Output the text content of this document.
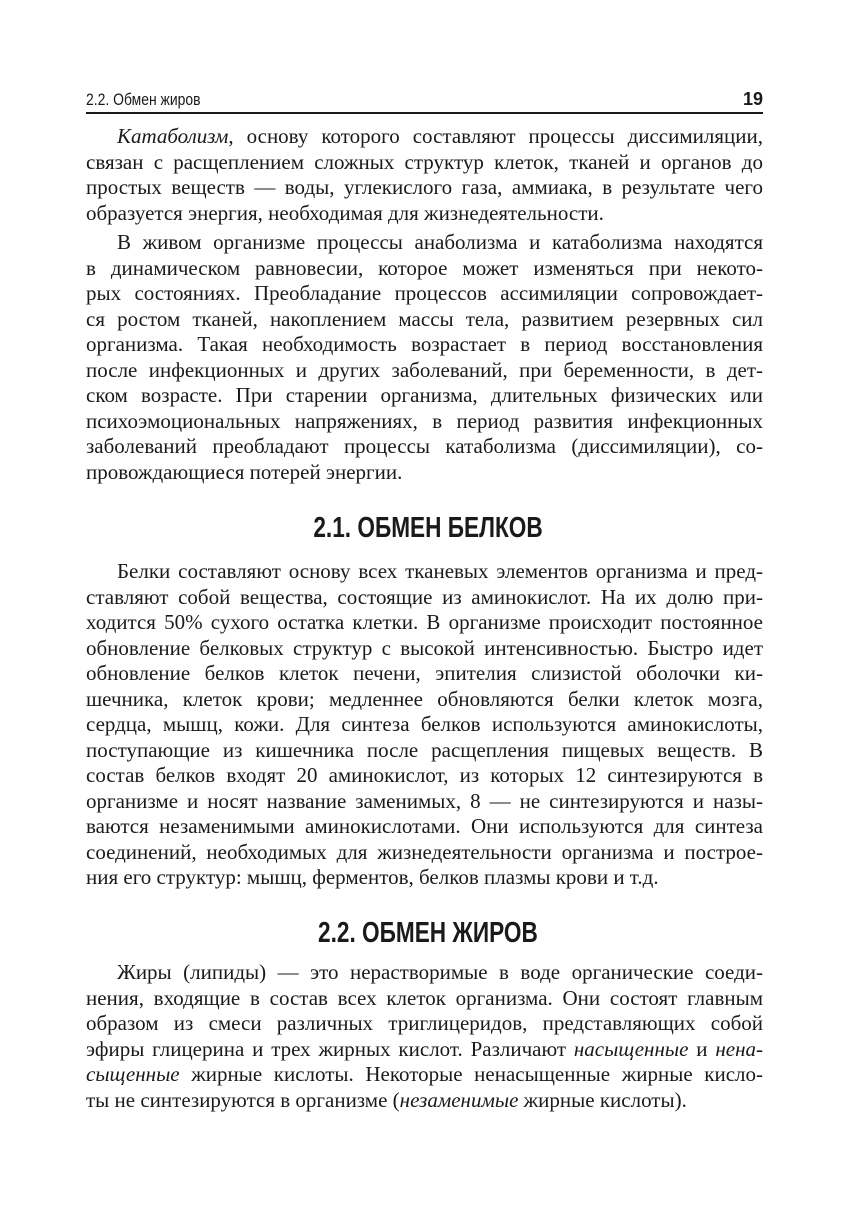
2.2. Обмен жиров	19
Катаболизм, основу которого составляют процессы диссимиляции,
связан с расщеплением сложных структур клеток, тканей и органов до
простых веществ — воды, углекислого газа, аммиака, в результате чего
образуется энергия, необходимая для жизнедеятельности.
В живом организме процессы анаболизма и катаболизма находятся
в динамическом равновесии, которое может изменяться при некото-
рых состояниях. Преобладание процессов ассимиляции сопровождает-
ся ростом тканей, накоплением массы тела, развитием резервных сил
организма. Такая необходимость возрастает в период восстановления
после инфекционных и других заболеваний, при беременности, в дет-
ском возрасте. При старении организма, длительных физических или
психоэмоциональных напряжениях, в период развития инфекционных
заболеваний преобладают процессы катаболизма (диссимиляции), со-
провождающиеся потерей энергии.
2.1. ОБМЕН БЕЛКОВ
Белки составляют основу всех тканевых элементов организма и пред-
ставляют собой вещества, состоящие из аминокислот. На их долю при-
ходится 50% сухого остатка клетки. В организме происходит постоянное
обновление белковых структур с высокой интенсивностью. Быстро идет
обновление белков клеток печени, эпителия слизистой оболочки ки-
шечника, клеток крови; медленнее обновляются белки клеток мозга,
сердца, мышц, кожи. Для синтеза белков используются аминокислоты,
поступающие из кишечника после расщепления пищевых веществ. В
состав белков входят 20 аминокислот, из которых 12 синтезируются в
организме и носят название заменимых, 8 — не синтезируются и назы-
ваются незаменимыми аминокислотами. Они используются для синтеза
соединений, необходимых для жизнедеятельности организма и построе-
ния его структур: мышц, ферментов, белков плазмы крови и т.д.
2.2. ОБМЕН ЖИРОВ
Жиры (липиды) — это нерастворимые в воде органические соеди-
нения, входящие в состав всех клеток организма. Они состоят главным
образом из смеси различных триглицеридов, представляющих собой
эфиры глицерина и трех жирных кислот. Различают насыщенные и нена-
сыщенные жирные кислоты. Некоторые ненасыщенные жирные кисло-
ты не синтезируются в организме (незаменимые жирные кислоты).
